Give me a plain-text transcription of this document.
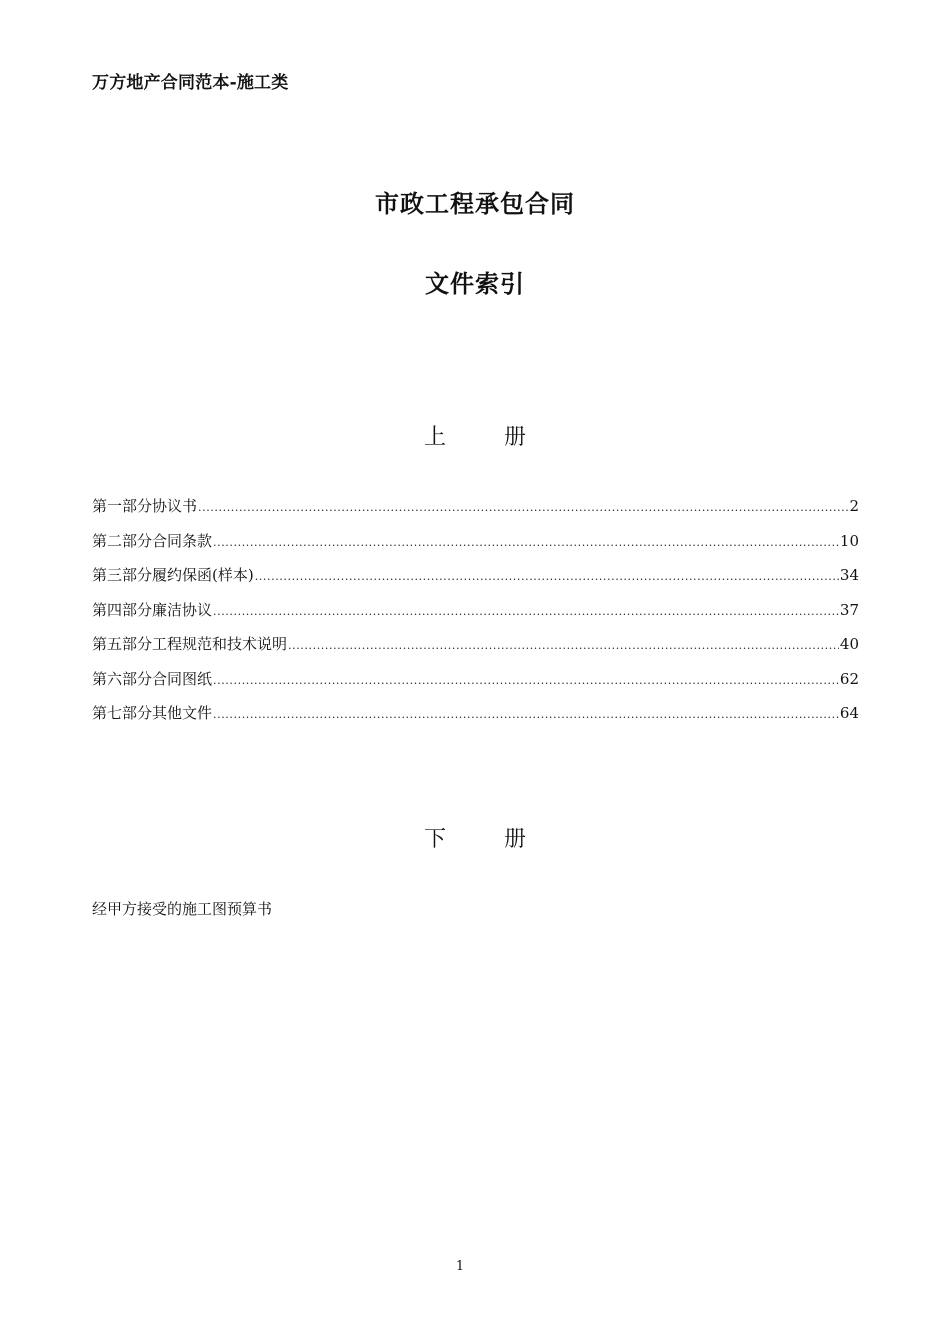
万方地产合同范本-施工类
市政工程承包合同
文件索引
上	册
第一部分协议书 .....	2
第二部分合同条款 .....	10
第三部分履约保函(样本) .....	34
第四部分廉洁协议 .....	37
第五部分工程规范和技术说明 .....	40
第六部分合同图纸 .....	62
第七部分其他文件 .....	64
下	册
经甲方接受的施工图预算书
1
